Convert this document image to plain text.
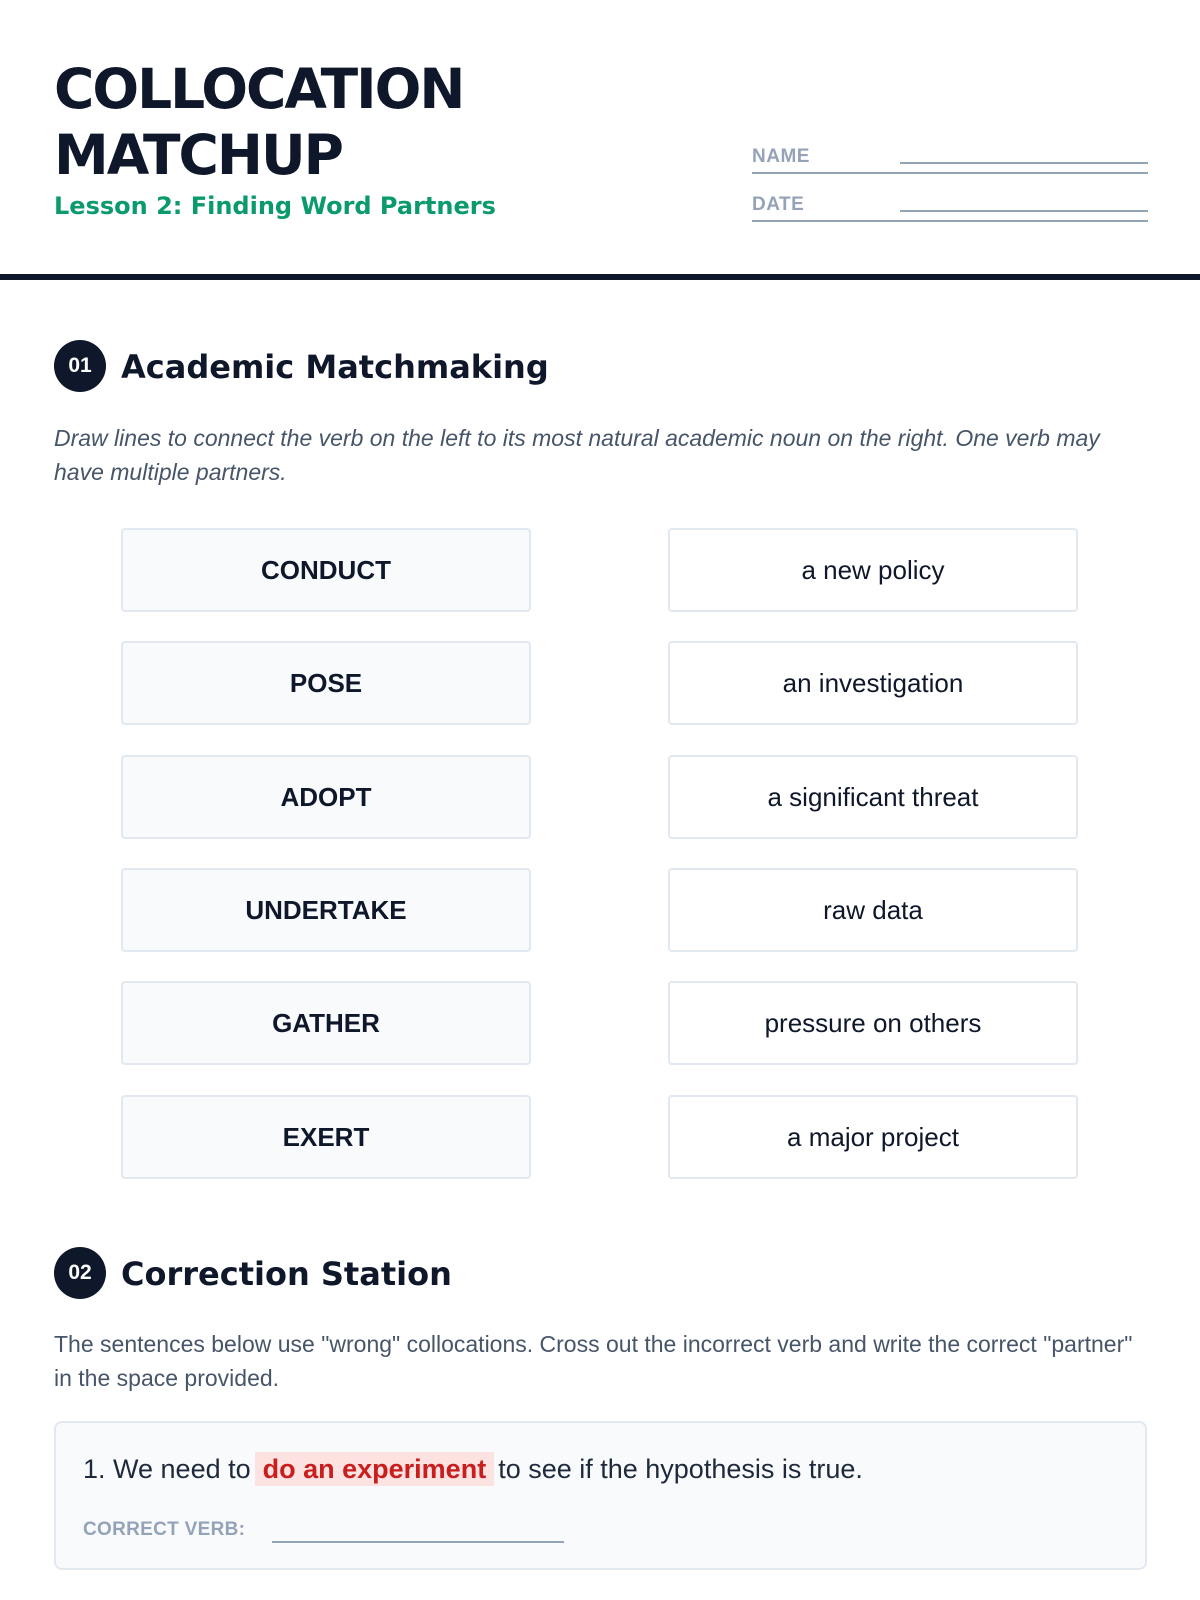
COLLOCATION
MATCHUP
Lesson 2: Finding Word Partners
NAME
DATE
01 Academic Matchmaking

Draw lines to connect the verb on the left to its most natural academic noun on the right. One verb may have multiple partners.

CONDUCT
POSE
ADOPT
UNDERTAKE
GATHER
EXERT
a new policy
an investigation
a significant threat
raw data
pressure on others
a major project
02 Correction Station

The sentences below use "wrong" collocations. Cross out the incorrect verb and write the correct "partner" in the space provided.

1. We need to do an experiment to see if the hypothesis is true.
CORRECT VERB:
